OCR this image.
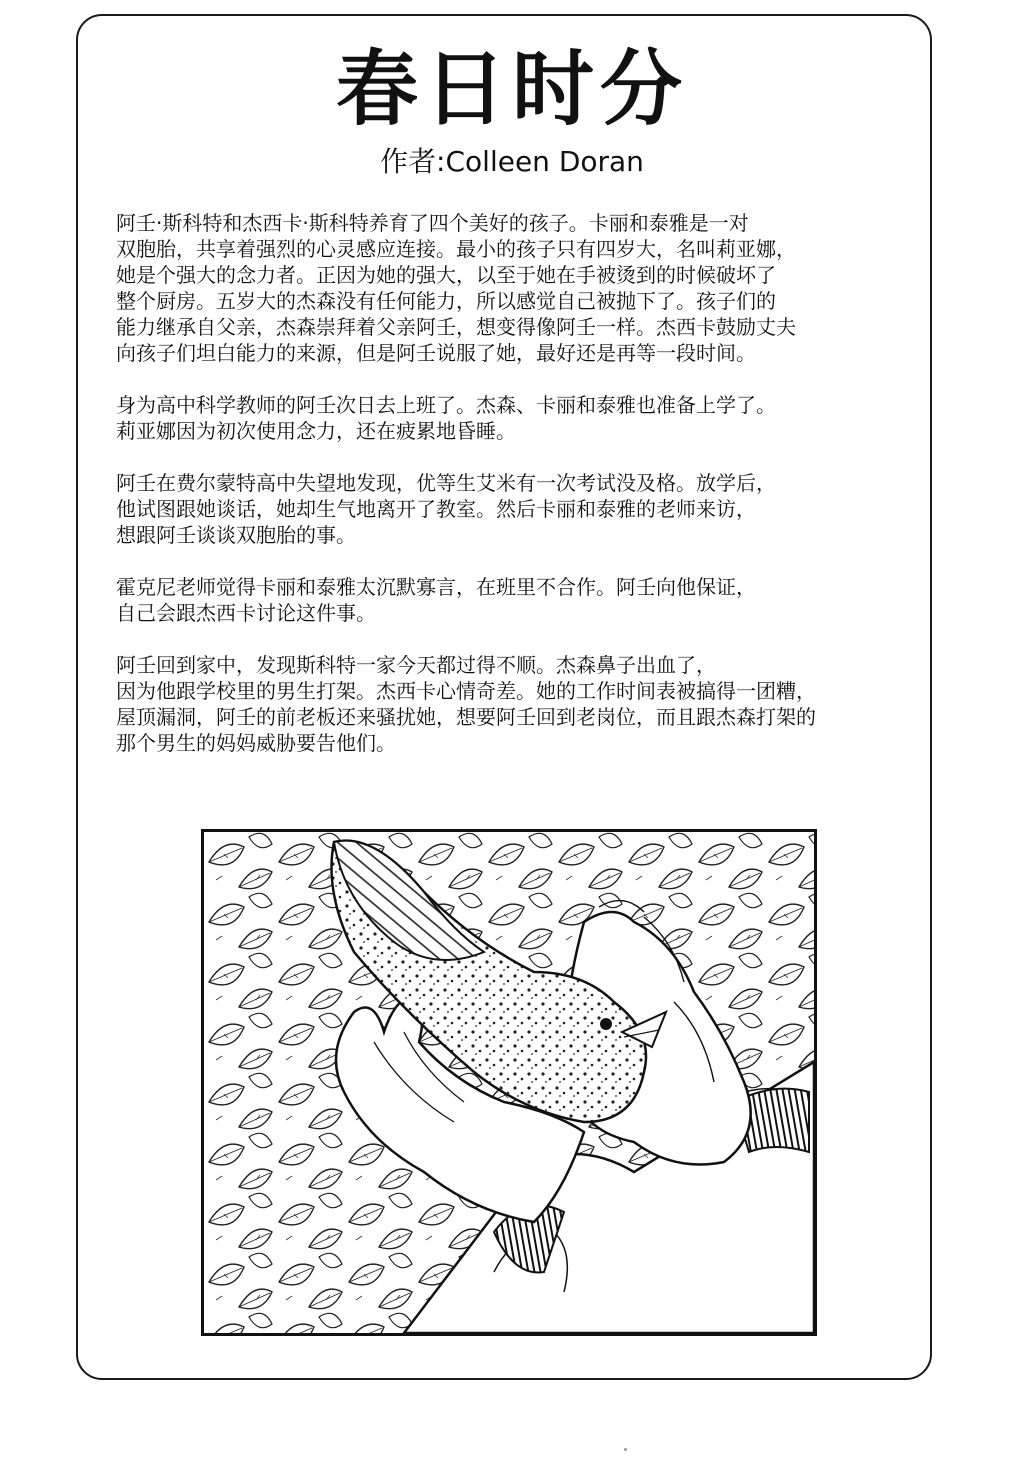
春日时分
作者:Colleen Doran

阿壬·斯科特和杰西卡·斯科特养育了四个美好的孩子。卡丽和泰雅是一对
双胞胎，共享着强烈的心灵感应连接。最小的孩子只有四岁大，名叫莉亚娜，
她是个强大的念力者。正因为她的强大，以至于她在手被烫到的时候破坏了
整个厨房。五岁大的杰森没有任何能力，所以感觉自己被抛下了。孩子们的
能力继承自父亲，杰森崇拜着父亲阿壬，想变得像阿壬一样。杰西卡鼓励丈夫
向孩子们坦白能力的来源，但是阿壬说服了她，最好还是再等一段时间。

身为高中科学教师的阿壬次日去上班了。杰森、卡丽和泰雅也准备上学了。
莉亚娜因为初次使用念力，还在疲累地昏睡。

阿壬在费尔蒙特高中失望地发现，优等生艾米有一次考试没及格。放学后，
他试图跟她谈话，她却生气地离开了教室。然后卡丽和泰雅的老师来访，
想跟阿壬谈谈双胞胎的事。

霍克尼老师觉得卡丽和泰雅太沉默寡言，在班里不合作。阿壬向他保证，
自己会跟杰西卡讨论这件事。

阿壬回到家中，发现斯科特一家今天都过得不顺。杰森鼻子出血了，
因为他跟学校里的男生打架。杰西卡心情奇差。她的工作时间表被搞得一团糟，
屋顶漏洞，阿壬的前老板还来骚扰她，想要阿壬回到老岗位，而且跟杰森打架的
那个男生的妈妈威胁要告他们。
